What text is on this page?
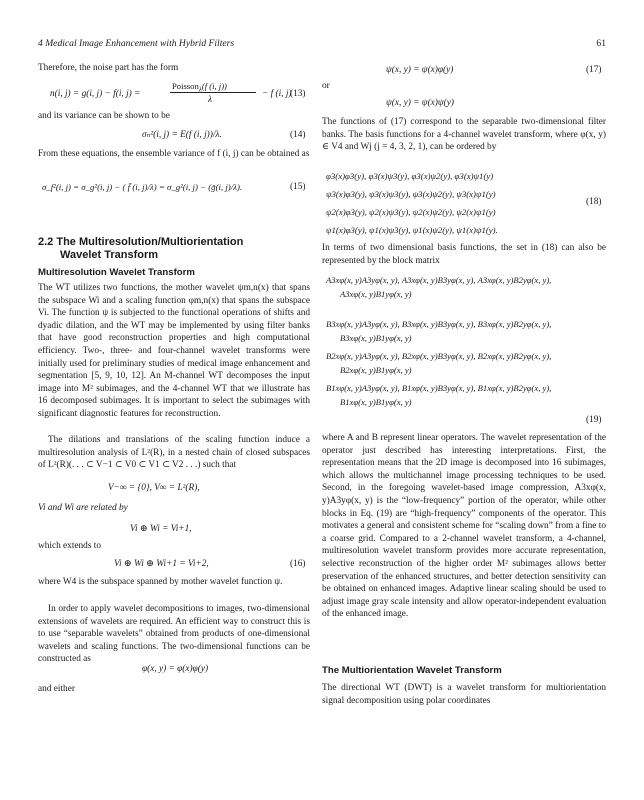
4 Medical Image Enhancement with Hybrid Filters	61
Therefore, the noise part has the form
n(i, j) = g(i, j) − f(i, j) =
Poisson$_\lambda$(f (i, j))
λ
− f (i, j)
(13)
and its variance can be shown to be
σₙ²(i, j) = E(f (i, j))/λ.	(14)
From these equations, the ensemble variance of f (i, j) can be obtained as
σ_f²(i, j) = σ_g²(i, j) − ( f̄ (i, j)/λ) = σ_g²(i, j) − (ḡ(i, j)/λ).	(15)
2.2 The Multiresolution/Multiorientation
Wavelet Transform
Multiresolution Wavelet Transform
The WT utilizes two functions, the mother wavelet ψm,n(x) that spans the subspace Wi and a scaling function φm,n(x) that spans the subspace Vi. The function ψ is subjected to the functional operations of shifts and dyadic dilation, and the WT may be implemented by using filter banks that have good reconstruction properties and high computational efficiency. Two-, three- and four-channel wavelet transforms were initially used for preliminary studies of medical image enhancement and segmentation [5, 9, 10, 12]. An M-channel WT decomposes the input image into M² subimages, and the 4-channel WT that we illustrate has 16 decomposed subimages. It is important to select the subimages with significant diagnostic features for reconstruction.
The dilations and translations of the scaling function induce a multiresolution analysis of L²(R), in a nested chain of closed subspaces of L²(R)(. . . ⊂ V−1 ⊂ V0 ⊂ V1 ⊂ V2 . . .) such that
V−∞ = {0}, V∞ = L²(R),
Vi and Wi are related by
Vi ⊕ Wi = Vi+1,
which extends to
Vi ⊕ Wi ⊕ Wi+1 = Vi+2,	(16)
where W4 is the subspace spanned by mother wavelet function ψ.
In order to apply wavelet decompositions to images, two-dimensional extensions of wavelets are required. An efficient way to construct this is to use “separable wavelets” obtained from products of one-dimensional wavelets and scaling functions. The two-dimensional functions can be constructed as
φ(x, y) = φ(x)φ(y)
and either
ψ(x, y) = ψ(x)φ(y)	(17)
or
ψ(x, y) = ψ(x)ψ(y)
The functions of (17) correspond to the separable two-dimensional filter banks. The basis functions for a 4-channel wavelet transform, where φ(x, y) ∈ V4 and Wj (j = 4, 3, 2, 1), can be ordered by
φ3(x)φ3(y), φ3(x)ψ3(y), φ3(x)ψ2(y), φ3(x)ψ1(y)
ψ3(x)φ3(y), ψ3(x)ψ3(y), ψ3(x)ψ2(y), ψ3(x)ψ1(y)
ψ2(x)φ3(y), ψ2(x)ψ3(y), ψ2(x)ψ2(y), ψ2(x)ψ1(y)
ψ1(x)φ3(y), ψ1(x)ψ3(y), ψ1(x)ψ2(y), ψ1(x)ψ1(y).
(18)
In terms of two dimensional basis functions, the set in (18) can also be represented by the block matrix
A3xφ(x, y)A3yφ(x, y), A3xφ(x, y)B3yφ(x, y), A3xφ(x, y)B2yφ(x, y),
A3xφ(x, y)B1yφ(x, y)
B3xφ(x, y)A3yφ(x, y), B3xφ(x, y)B3yφ(x, y), B3xφ(x, y)B2yφ(x, y),
B3xφ(x, y)B1yφ(x, y)
B2xφ(x, y)A3yφ(x, y), B2xφ(x, y)B3yφ(x, y), B2xφ(x, y)B2yφ(x, y),
B2xφ(x, y)B1yφ(x, y)
B1xφ(x, y)A3yφ(x, y), B1xφ(x, y)B3yφ(x, y), B1xφ(x, y)B2yφ(x, y),
B1xφ(x, y)B1yφ(x, y)
(19)
where A and B represent linear operators. The wavelet representation of the operator just described has interesting interpretations. First, the representation means that the 2D image is decomposed into 16 subimages, which allows the multichannel image processing techniques to be used. Second, in the foregoing wavelet-based image compression, A3xφ(x, y)A3yφ(x, y) is the “low-frequency” portion of the operator, while other blocks in Eq. (19) are “high-frequency” components of the operator. This motivates a general and consistent scheme for “scaling down” from a fine to a coarse grid. Compared to a 2-channel wavelet transform, a 4-channel, multiresolution wavelet transform provides more accurate representation, selective reconstruction of the higher order M² subimages allows better preservation of the enhanced structures, and better detection sensitivity can be obtained on enhanced images. Adaptive linear scaling should be used to adjust image gray scale intensity and allow operator-independent evaluation of the enhanced image.
The Multiorientation Wavelet Transform
The directional WT (DWT) is a wavelet transform for multiorientation signal decomposition using polar coordinates
